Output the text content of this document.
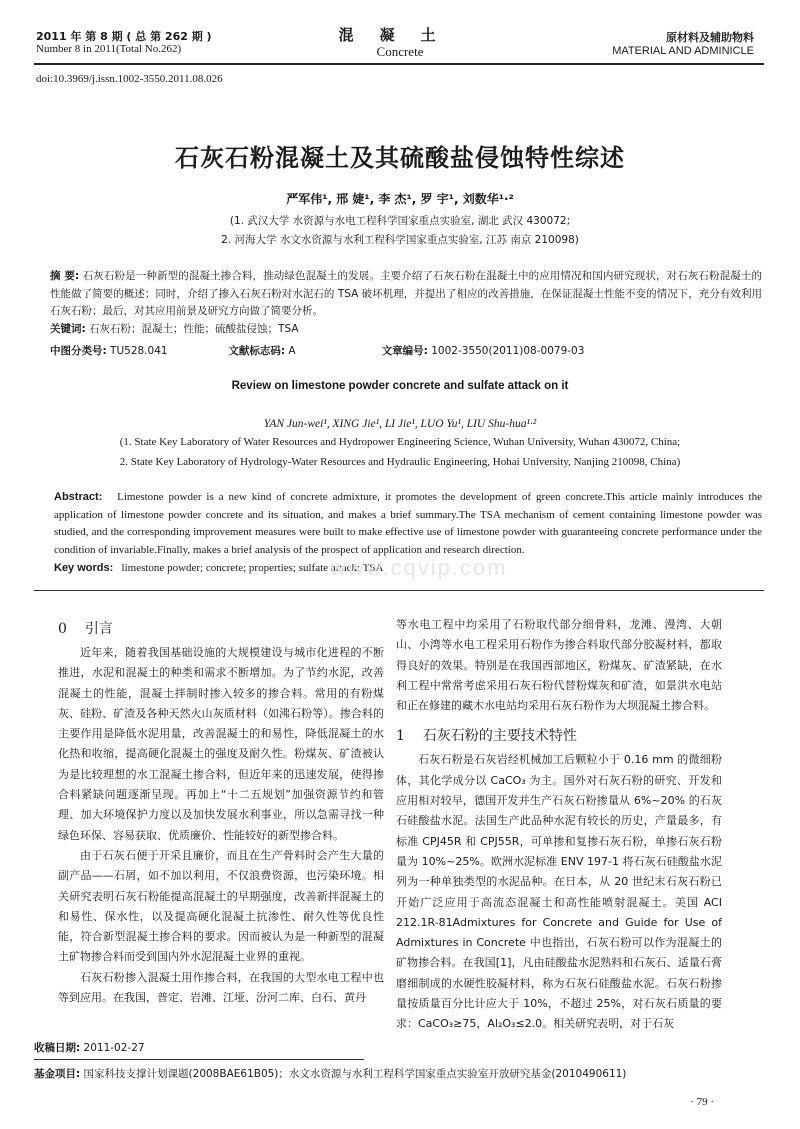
2011 年 第 8 期 ( 总 第 262 期 )
Number 8 in 2011(Total No.262)
混凝土
Concrete
原材料及辅助物料
MATERIAL AND ADMINICLE
doi:10.3969/j.issn.1002-3550.2011.08.026
石灰石粉混凝土及其硫酸盐侵蚀特性综述
严军伟¹, 邢 婕¹, 李 杰¹, 罗 宇¹, 刘数华¹·²
(1. 武汉大学 水资源与水电工程科学国家重点实验室, 湖北 武汉 430072;
2. 河海大学 水文水资源与水利工程科学国家重点实验室, 江苏 南京 210098)
摘 要: 石灰石粉是一种新型的混凝土掺合料，推动绿色混凝土的发展。主要介绍了石灰石粉在混凝土中的应用情况和国内研究现状，对石灰石粉混凝土的性能做了简要的概述；同时，介绍了掺入石灰石粉对水泥石的 TSA 破坏机理，并提出了相应的改善措施，在保证混凝土性能不变的情况下，充分有效利用石灰石粉；最后，对其应用前景及研究方向做了简要分析。
关键词: 石灰石粉；混凝土；性能；硫酸盐侵蚀；TSA
中图分类号: TU528.041	文献标志码: A	文章编号: 1002-3550(2011)08-0079-03
Review on limestone powder concrete and sulfate attack on it
YAN Jun-wei¹, XING Jie¹, LI Jie¹, LUO Yu¹, LIU Shu-hua¹·²
(1. State Key Laboratory of Water Resources and Hydropower Engineering Science, Wuhan University, Wuhan 430072, China;
2. State Key Laboratory of Hydrology-Water Resources and Hydraulic Engineering, Hohai University, Nanjing 210098, China)
Abstract: Limestone powder is a new kind of concrete admixture, it promotes the development of green concrete.This article mainly introduces the application of limestone powder concrete and its situation, and makes a brief summary.The TSA mechanism of cement containing limestone powder was studied, and the corresponding improvement measures were built to make effective use of limestone powder with guaranteeing concrete performance under the condition of invariable.Finally, makes a brief analysis of the prospect of application and research direction.
Key words: limestone powder; concrete; properties; sulfate attack; TSA
www.cqvip.com

0 引言

近年来，随着我国基础设施的大规模建设与城市化进程的不断推进，水泥和混凝土的种类和需求不断增加。为了节约水泥，改善混凝土的性能，混凝土拌制时掺入较多的掺合料。常用的有粉煤灰、硅粉、矿渣及各种天然火山灰质材料（如沸石粉等）。掺合料的主要作用是降低水泥用量，改善混凝土的和易性，降低混凝土的水化热和收缩，提高硬化混凝土的强度及耐久性。粉煤灰、矿渣被认为是比较理想的水工混凝土掺合料，但近年来的迅速发展，使得掺合料紧缺问题逐渐呈现。再加上“十二五规划”加强资源节约和管理、加大环境保护力度以及加快发展水利事业，所以急需寻找一种绿色环保、容易获取、优质廉价、性能较好的新型掺合料。

由于石灰石便于开采且廉价，而且在生产骨料时会产生大量的副产品——石屑，如不加以利用，不仅浪费资源，也污染环境。相关研究表明石灰石粉能提高混凝土的早期强度，改善新拌混凝土的和易性、保水性，以及提高硬化混凝土抗渗性、耐久性等优良性能，符合新型混凝土掺合料的要求。因而被认为是一种新型的混凝土矿物掺合料而受到国内外水泥混凝土业界的重视。

石灰石粉掺入混凝土用作掺合料，在我国的大型水电工程中也等到应用。在我国，普定、岩滩、江垭、汾河二库、白石、黄丹

等水电工程中均采用了石粉取代部分细骨料，龙滩、漫湾、大朝山、小湾等水电工程采用石粉作为掺合料取代部分胶凝材料，都取得良好的效果。特别是在我国西部地区，粉煤灰、矿渣紧缺，在水利工程中常常考虑采用石灰石粉代替粉煤灰和矿渣，如景洪水电站和正在修建的藏木水电站均采用石灰石粉作为大坝混凝土掺合料。

1 石灰石粉的主要技术特性

石灰石粉是石灰岩经机械加工后颗粒小于 0.16 mm 的微细粉体，其化学成分以 CaCO₃ 为主。国外对石灰石粉的研究、开发和应用相对较早，德国开发并生产石灰石粉掺量从 6%~20% 的石灰石硅酸盐水泥。法国生产此品种水泥有较长的历史，产量最多，有标准 CPJ45R 和 CPJ55R，可单掺和复掺石灰石粉，单掺石灰石粉量为 10%~25%。欧洲水泥标准 ENV 197-1 将石灰石硅酸盐水泥列为一种单独类型的水泥品种。在日本，从 20 世纪末石灰石粉已开始广泛应用于高流态混凝土和高性能喷射混凝土。美国 ACI 212.1R-81Admixtures for Concrete and Guide for Use of Admixtures in Concrete 中也指出，石灰石粉可以作为混凝土的矿物掺合料。在我国[1]，凡由硅酸盐水泥熟料和石灰石、适量石膏磨细制成的水硬性胶凝材料，称为石灰石硅酸盐水泥。石灰石粉掺量按质量百分比计应大于 10%，不超过 25%，对石灰石质量的要求：CaCO₃≥75，Al₂O₃≤2.0。相关研究表明，对于石灰

收稿日期: 2011-02-27
基金项目: 国家科技支撑计划课题(2008BAE61B05)；水文水资源与水利工程科学国家重点实验室开放研究基金(2010490611)
· 79 ·
